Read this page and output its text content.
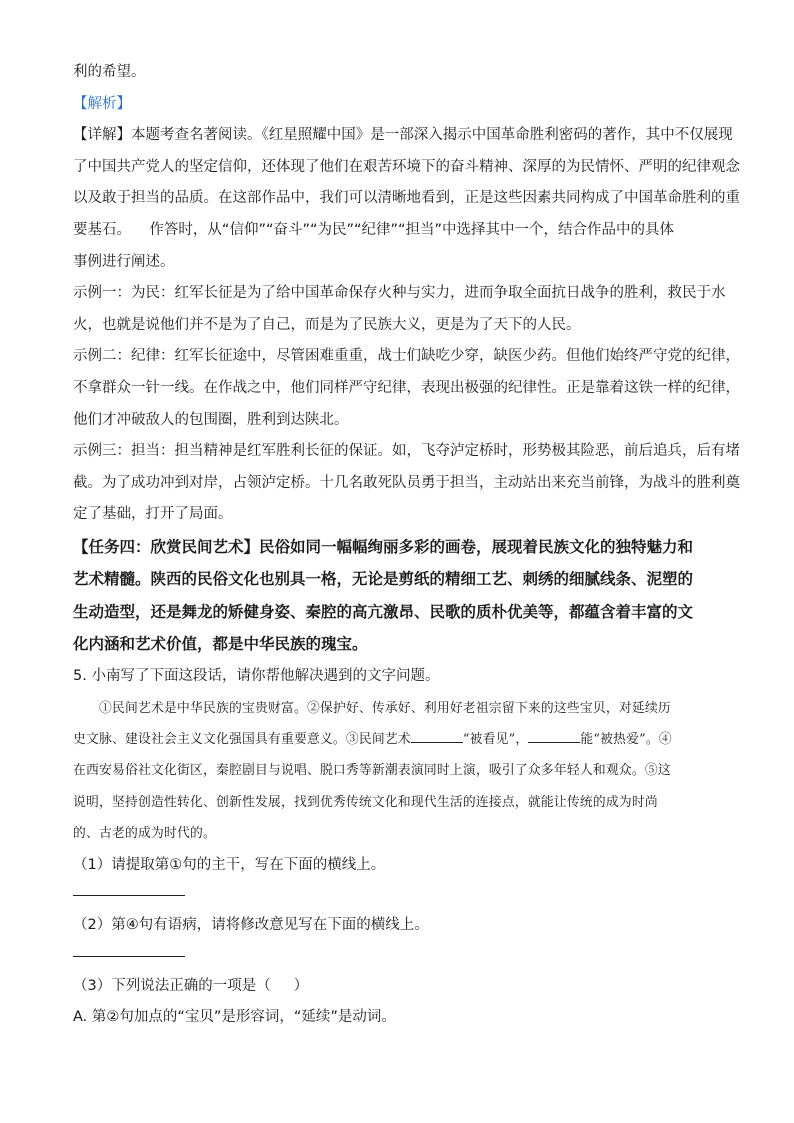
利的希望。

【解析】

【详解】本题考查名著阅读。《红星照耀中国》是一部深入揭示中国革命胜利密码的著作，其中不仅展现

了中国共产党人的坚定信仰，还体现了他们在艰苦环境下的奋斗精神、深厚的为民情怀、严明的纪律观念

以及敢于担当的品质。在这部作品中，我们可以清晰地看到，正是这些因素共同构成了中国革命胜利的重

要基石。    作答时，从“信仰”“奋斗”“为民”“纪律”“担当”中选择其中一个，结合作品中的具体

事例进行阐述。

示例一：为民：红军长征是为了给中国革命保存火种与实力，进而争取全面抗日战争的胜利，救民于水

火，也就是说他们并不是为了自己，而是为了民族大义，更是为了天下的人民。

示例二：纪律：红军长征途中，尽管困难重重，战士们缺吃少穿，缺医少药。但他们始终严守党的纪律，

不拿群众一针一线。在作战之中，他们同样严守纪律，表现出极强的纪律性。正是靠着这铁一样的纪律，

他们才冲破敌人的包围圈，胜利到达陕北。

示例三：担当：担当精神是红军胜利长征的保证。如，飞夺泸定桥时，形势极其险恶，前后追兵，后有堵

截。为了成功冲到对岸，占领泸定桥。十几名敢死队员勇于担当，主动站出来充当前锋，为战斗的胜利奠

定了基础，打开了局面。

【任务四：欣赏民间艺术】民俗如同一幅幅绚丽多彩的画卷，展现着民族文化的独特魅力和

艺术精髓。陕西的民俗文化也别具一格，无论是剪纸的精细工艺、刺绣的细腻线条、泥塑的

生动造型，还是舞龙的矫健身姿、秦腔的高亢激昂、民歌的质朴优美等，都蕴含着丰富的文

化内涵和艺术价值，都是中华民族的瑰宝。

5. 小南写了下面这段话，请你帮他解决遇到的文字问题。

①民间艺术是中华民族的宝贵财富。②保护好、传承好、利用好老祖宗留下来的这些宝贝，对延续历

史文脉、建设社会主义文化强国具有重要意义。③民间艺术	“被看见”，	能“被热爱”。④

在西安易俗社文化街区，秦腔剧目与说唱、脱口秀等新潮表演同时上演，吸引了众多年轻人和观众。⑤这

说明，坚持创造性转化、创新性发展，找到优秀传统文化和现代生活的连接点，就能让传统的成为时尚

的、古老的成为时代的。

（1）请提取第①句的主干，写在下面的横线上。

（2）第④句有语病，请将修改意见写在下面的横线上。

（3）下列说法正确的一项是（     ）

A. 第②句加点的“宝贝”是形容词，“延续”是动词。
